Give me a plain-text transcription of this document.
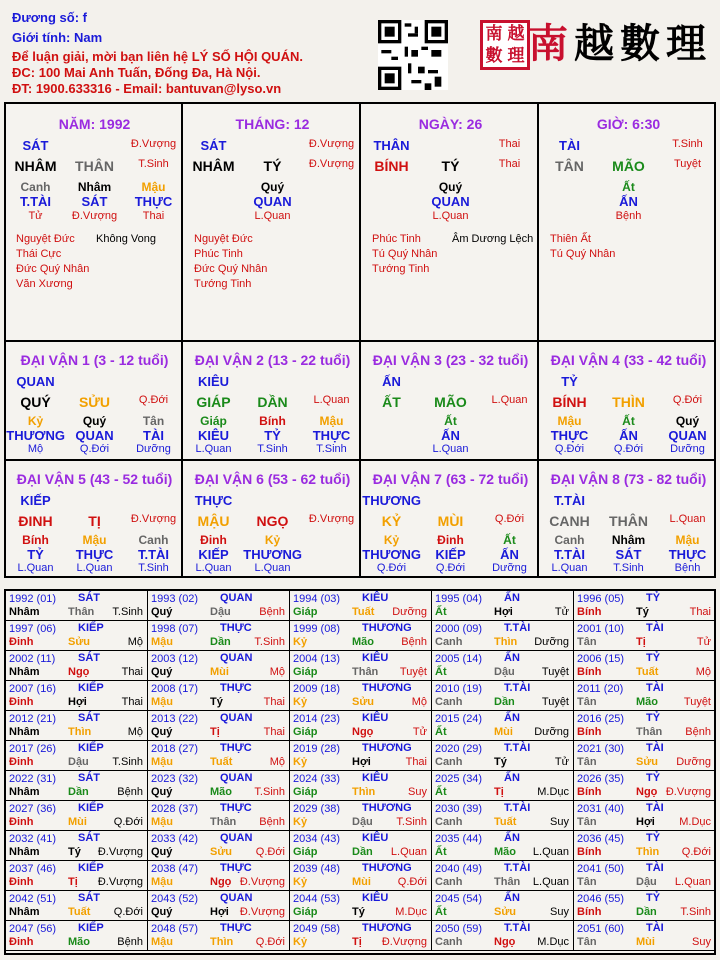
Đương số: f
Giới tính: Nam
Để luận giải, mời bạn liên hệ LÝ SỐ HỘI QUÁN.
ĐC: 100 Mai Anh Tuấn, Đống Đa, Hà Nội.
ĐT: 1900.633316 - Email: bantuvan@lyso.vn
南 越
數 理 南越數理
NĂM: 1992
SÁT	Đ.Vượng
NHÂM	THÂN	T.Sinh
Canh	Nhâm	Mậu
T.TÀI	SÁT	THỰC
Tử	Đ.Vượng	Thai
Nguyệt Đức
Thái Cực
Đức Quý Nhân
Văn Xương
Không Vong
THÁNG: 12
SÁT	Đ.Vượng
NHÂM	TÝ	Đ.Vượng
Quý
QUAN
L.Quan
Nguyệt Đức
Phúc Tinh
Đức Quý Nhân
Tướng Tinh
NGÀY: 26
THÂN	Thai
BÍNH	TÝ	Thai
Quý
QUAN
L.Quan
Phúc Tinh
Tú Quý Nhân
Tướng Tinh
Âm Dương Lệch
GIỜ: 6:30
TÀI	T.Sinh
TÂN	MÃO	Tuyệt
Ất
ẤN
Bệnh
Thiên Ất
Tú Quý Nhân
ĐẠI VẬN 1 (3 - 12 tuổi)
QUAN
QUÝ	SỬU	Q.Đới
Kỷ	Quý	Tân
THƯƠNG QUAN	TÀI
Mộ	Q.Đới	Dưỡng
ĐẠI VẬN 2 (13 - 22 tuổi)
KIÊU
GIÁP	DẦN	L.Quan
Giáp	Bính	Mậu
KIÊU	TỶ	THỰC
L.Quan	T.Sinh	T.Sinh
ĐẠI VẬN 3 (23 - 32 tuổi)
ẤN
ẤT	MÃO	L.Quan
Ất
ẤN
L.Quan
ĐẠI VẬN 4 (33 - 42 tuổi)
TỶ
BÍNH	THÌN	Q.Đới
Mậu	Ất	Quý
THỰC	ẤN	QUAN
Q.Đới	Q.Đới	Dưỡng
ĐẠI VẬN 5 (43 - 52 tuổi)
KIẾP
ĐINH	TỊ	Đ.Vượng
Bính	Mậu	Canh
TỶ	THỰC	T.TÀI
L.Quan	L.Quan	T.Sinh
ĐẠI VẬN 6 (53 - 62 tuổi)
THỰC
MẬU	NGỌ	Đ.Vượng
Đinh	Kỷ
KIẾP	THƯƠNG
L.Quan	L.Quan
ĐẠI VẬN 7 (63 - 72 tuổi)
THƯƠNG
KỶ	MÙI	Q.Đới
Kỷ	Đinh	Ất
THƯƠNG	KIẾP	ẤN
Q.Đới	Q.Đới	Dưỡng
ĐẠI VẬN 8 (73 - 82 tuổi)
T.TÀI
CANH	THÂN	L.Quan
Canh	Nhâm	Mậu
T.TÀI	SÁT	THỰC
L.Quan	T.Sinh	Bệnh
1992 (01) SÁT
Nhâm	Thân T.Sinh
1993 (02) QUAN
Quý	Dậu	Bệnh
1994 (03) KIÊU
Giáp	Tuất Dưỡng
1995 (04) ẤN
Ất	Hợi	Tử
1996 (05) TỶ
Bính	Tý	Thai
1997 (06) KIẾP
Đinh	Sửu	Mộ
1998 (07) THỰC
Mậu	Dần T.Sinh
1999 (08) THƯƠNG
Kỷ	Mão Bệnh
2000 (09) T.TÀI
Canh	Thìn Dưỡng
2001 (10) TÀI
Tân	Tị	Tử
2002 (11) SÁT
Nhâm	Ngọ	Thai
2003 (12) QUAN
Quý	Mùi	Mộ
2004 (13) KIÊU
Giáp	Thân Tuyệt
2005 (14) ẤN
Ất	Dậu Tuyệt
2006 (15) TỶ
Bính	Tuất	Mộ
2007 (16) KIẾP
Đinh	Hợi	Thai
2008 (17) THỰC
Mậu	Tý	Thai
2009 (18) THƯƠNG
Kỷ	Sửu	Mộ
2010 (19) T.TÀI
Canh	Dần Tuyệt
2011 (20) TÀI
Tân	Mão Tuyệt
2012 (21) SÁT
Nhâm	Thìn	Mộ
2013 (22) QUAN
Quý	Tị	Thai
2014 (23) KIÊU
Giáp	Ngọ	Tử
2015 (24) ẤN
Ất	Mùi Dưỡng
2016 (25) TỶ
Bính	Thân Bệnh
2017 (26) KIẾP
Đinh	Dậu T.Sinh
2018 (27) THỰC
Mậu	Tuất	Mộ
2019 (28) THƯƠNG
Kỷ	Hợi	Thai
2020 (29) T.TÀI
Canh	Tý	Tử
2021 (30) TÀI
Tân	Sửu Dưỡng
2022 (31) SÁT
Nhâm	Dần	Bệnh
2023 (32) QUAN
Quý	Mão T.Sinh
2024 (33) KIÊU
Giáp	Thìn	Suy
2025 (34) ẤN
Ất	Tị	M.Dục
2026 (35) TỶ
Bính	Ngọ Đ.Vượng
2027 (36) KIẾP
Đinh	Mùi Q.Đới
2028 (37) THỰC
Mậu	Thân Bệnh
2029 (38) THƯƠNG
Kỷ	Dậu T.Sinh
2030 (39) T.TÀI
Canh	Tuất	Suy
2031 (40) TÀI
Tân	Hợi M.Dục
2032 (41) SÁT
Nhâm	Tý Đ.Vượng
2033 (42) QUAN
Quý	Sửu Q.Đới
2034 (43) KIÊU
Giáp	Dần L.Quan
2035 (44) ẤN
Ất	Mão L.Quan
2036 (45) TỶ
Bính	Thìn Q.Đới
2037 (46) KIẾP
Đinh	Tị Đ.Vượng
2038 (47) THỰC
Mậu	Ngọ Đ.Vượng
2039 (48) THƯƠNG
Kỷ	Mùi Q.Đới
2040 (49) T.TÀI
Canh	Thân L.Quan
2041 (50) TÀI
Tân	Dậu L.Quan
2042 (51) SÁT
Nhâm	Tuất Q.Đới
2043 (52) QUAN
Quý	Hợi Đ.Vượng
2044 (53) KIÊU
Giáp	Tý	M.Dục
2045 (54) ẤN
Ất	Sửu	Suy
2046 (55) TỶ
Bính	Dần T.Sinh
2047 (56) KIẾP
Đinh	Mão Bệnh
2048 (57) THỰC
Mậu	Thìn Q.Đới
2049 (58) THƯƠNG
Kỷ	Tị Đ.Vượng
2050 (59) T.TÀI
Canh	Ngọ M.Dục
2051 (60) TÀI
Tân	Mùi	Suy
